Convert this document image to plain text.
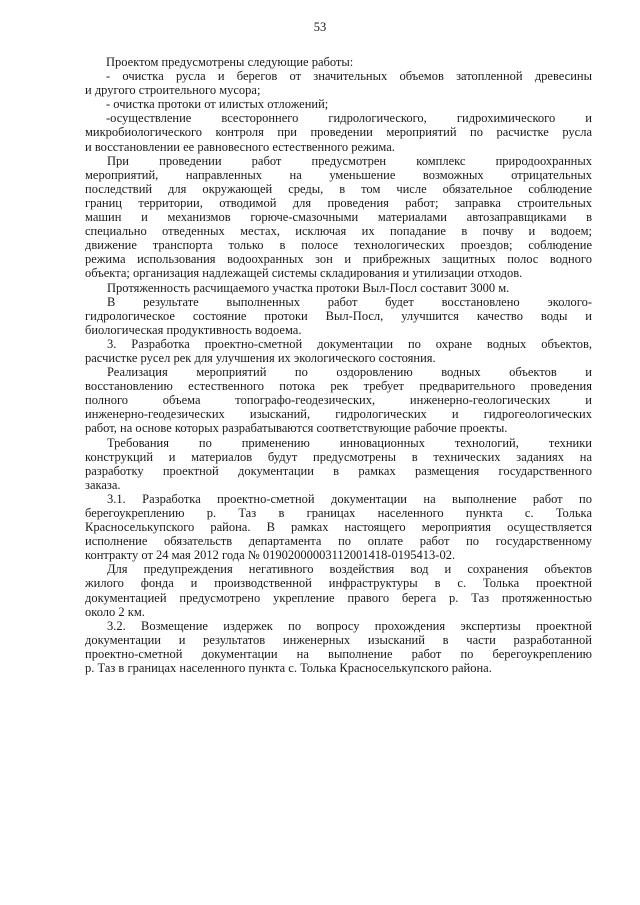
53

Проектом предусмотрены следующие работы:

- очистка русла и берегов от значительных объемов затопленной древесины

и другого строительного мусора;

- очистка протоки от илистых отложений;

-осуществление всестороннего гидрологического, гидрохимического и

микробиологического контроля при проведении мероприятий по расчистке русла

и восстановлении ее равновесного естественного режима.

При проведении работ предусмотрен комплекс природоохранных

мероприятий, направленных на уменьшение возможных отрицательных

последствий для окружающей среды, в том числе обязательное соблюдение

границ территории, отводимой для проведения работ; заправка строительных

машин и механизмов горюче-смазочными материалами автозаправщиками в

специально отведенных местах, исключая их попадание в почву и водоем;

движение транспорта только в полосе технологических проездов; соблюдение

режима использования водоохранных зон и прибрежных защитных полос водного

объекта; организация надлежащей системы складирования и утилизации отходов.

Протяженность расчищаемого участка протоки Выл-Посл составит 3000 м.

В результате выполненных работ будет восстановлено эколого-

гидрологическое состояние протоки Выл-Посл, улучшится качество воды и

биологическая продуктивность водоема.

3. Разработка проектно-сметной документации по охране водных объектов,

расчистке русел рек для улучшения их экологического состояния.

Реализация мероприятий по оздоровлению водных объектов и

восстановлению естественного потока рек требует предварительного проведения

полного объема топографо-геодезических, инженерно-геологических и

инженерно-геодезических изысканий, гидрологических и гидрогеологических

работ, на основе которых разрабатываются соответствующие рабочие проекты.

Требования по применению инновационных технологий, техники

конструкций и материалов будут предусмотрены в технических заданиях на

разработку проектной документации в рамках размещения государственного

заказа.

3.1. Разработка проектно-сметной документации на выполнение работ по

берегоукреплению р. Таз в границах населенного пункта с. Толька

Красноселькупского района. В рамках настоящего мероприятия осуществляется

исполнение обязательств департамента по оплате работ по государственному

контракту от 24 мая 2012 года № 01902000003112001418-0195413-02.

Для предупреждения негативного воздействия вод и сохранения объектов

жилого фонда и производственной инфраструктуры в с. Толька проектной

документацией предусмотрено укрепление правого берега р. Таз протяженностью

около 2 км.

3.2. Возмещение издержек по вопросу прохождения экспертизы проектной

документации и результатов инженерных изысканий в части разработанной

проектно-сметной документации на выполнение работ по берегоукреплению

р. Таз в границах населенного пункта с. Толька Красноселькупского района.
